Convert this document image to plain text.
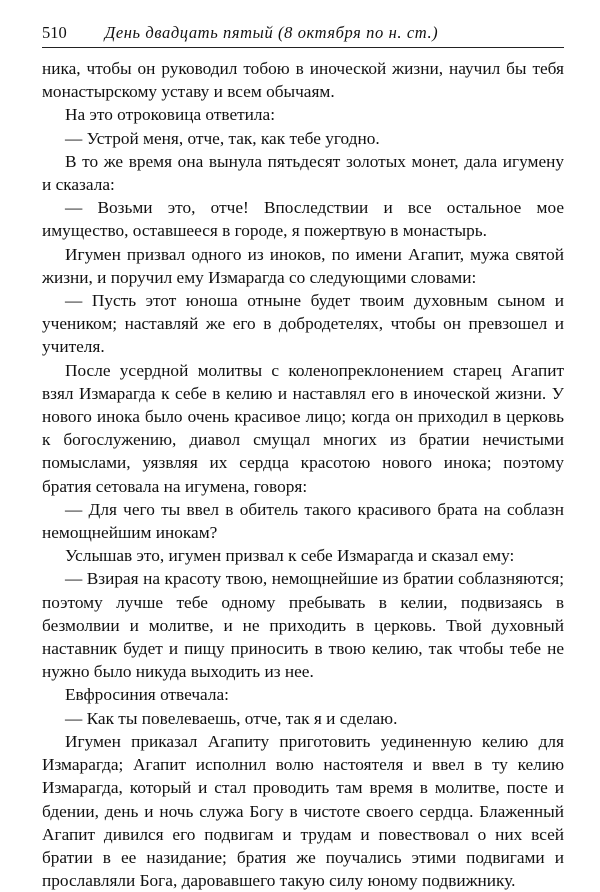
510 День двадцать пятый (8 октября по н. ст.)

ника, чтобы он руководил тобою в иноческой жизни, научил бы тебя монастырскому уставу и всем обычаям.

На это отроковица ответила:

— Устрой меня, отче, так, как тебе угодно.

В то же время она вынула пятьдесят золотых монет, дала игумену и сказала:

— Возьми это, отче! Впоследствии и все остальное мое имущество, оставшееся в городе, я пожертвую в монастырь.

Игумен призвал одного из иноков, по имени Агапит, мужа святой жизни, и поручил ему Измарагда со следующими словами:

— Пусть этот юноша отныне будет твоим духовным сыном и учеником; наставляй же его в добродетелях, чтобы он превзошел и учителя.

После усердной молитвы с коленопреклонением старец Агапит взял Измарагда к себе в келию и наставлял его в иноческой жизни. У нового инока было очень красивое лицо; когда он приходил в церковь к богослужению, диавол смущал многих из братии нечистыми помыслами, уязвляя их сердца красотою нового инока; поэтому братия сетовала на игумена, говоря:

— Для чего ты ввел в обитель такого красивого брата на соблазн немощнейшим инокам?

Услышав это, игумен призвал к себе Измарагда и сказал ему:

— Взирая на красоту твою, немощнейшие из братии соблазняются; поэтому лучше тебе одному пребывать в келии, подвизаясь в безмолвии и молитве, и не приходить в церковь. Твой духовный наставник будет и пищу приносить в твою келию, так чтобы тебе не нужно было никуда выходить из нее.

Евфросиния отвечала:

— Как ты повелеваешь, отче, так я и сделаю.

Игумен приказал Агапиту приготовить уединенную келию для Измарагда; Агапит исполнил волю настоятеля и ввел в ту келию Измарагда, который и стал проводить там время в молитве, посте и бдении, день и ночь служа Богу в чистоте своего сердца. Блаженный Агапит дивился его подвигам и трудам и повествовал о них всей братии в ее назидание; братия же поучались этими подвигами и прославляли Бога, даровавшего такую силу юному подвижнику.
